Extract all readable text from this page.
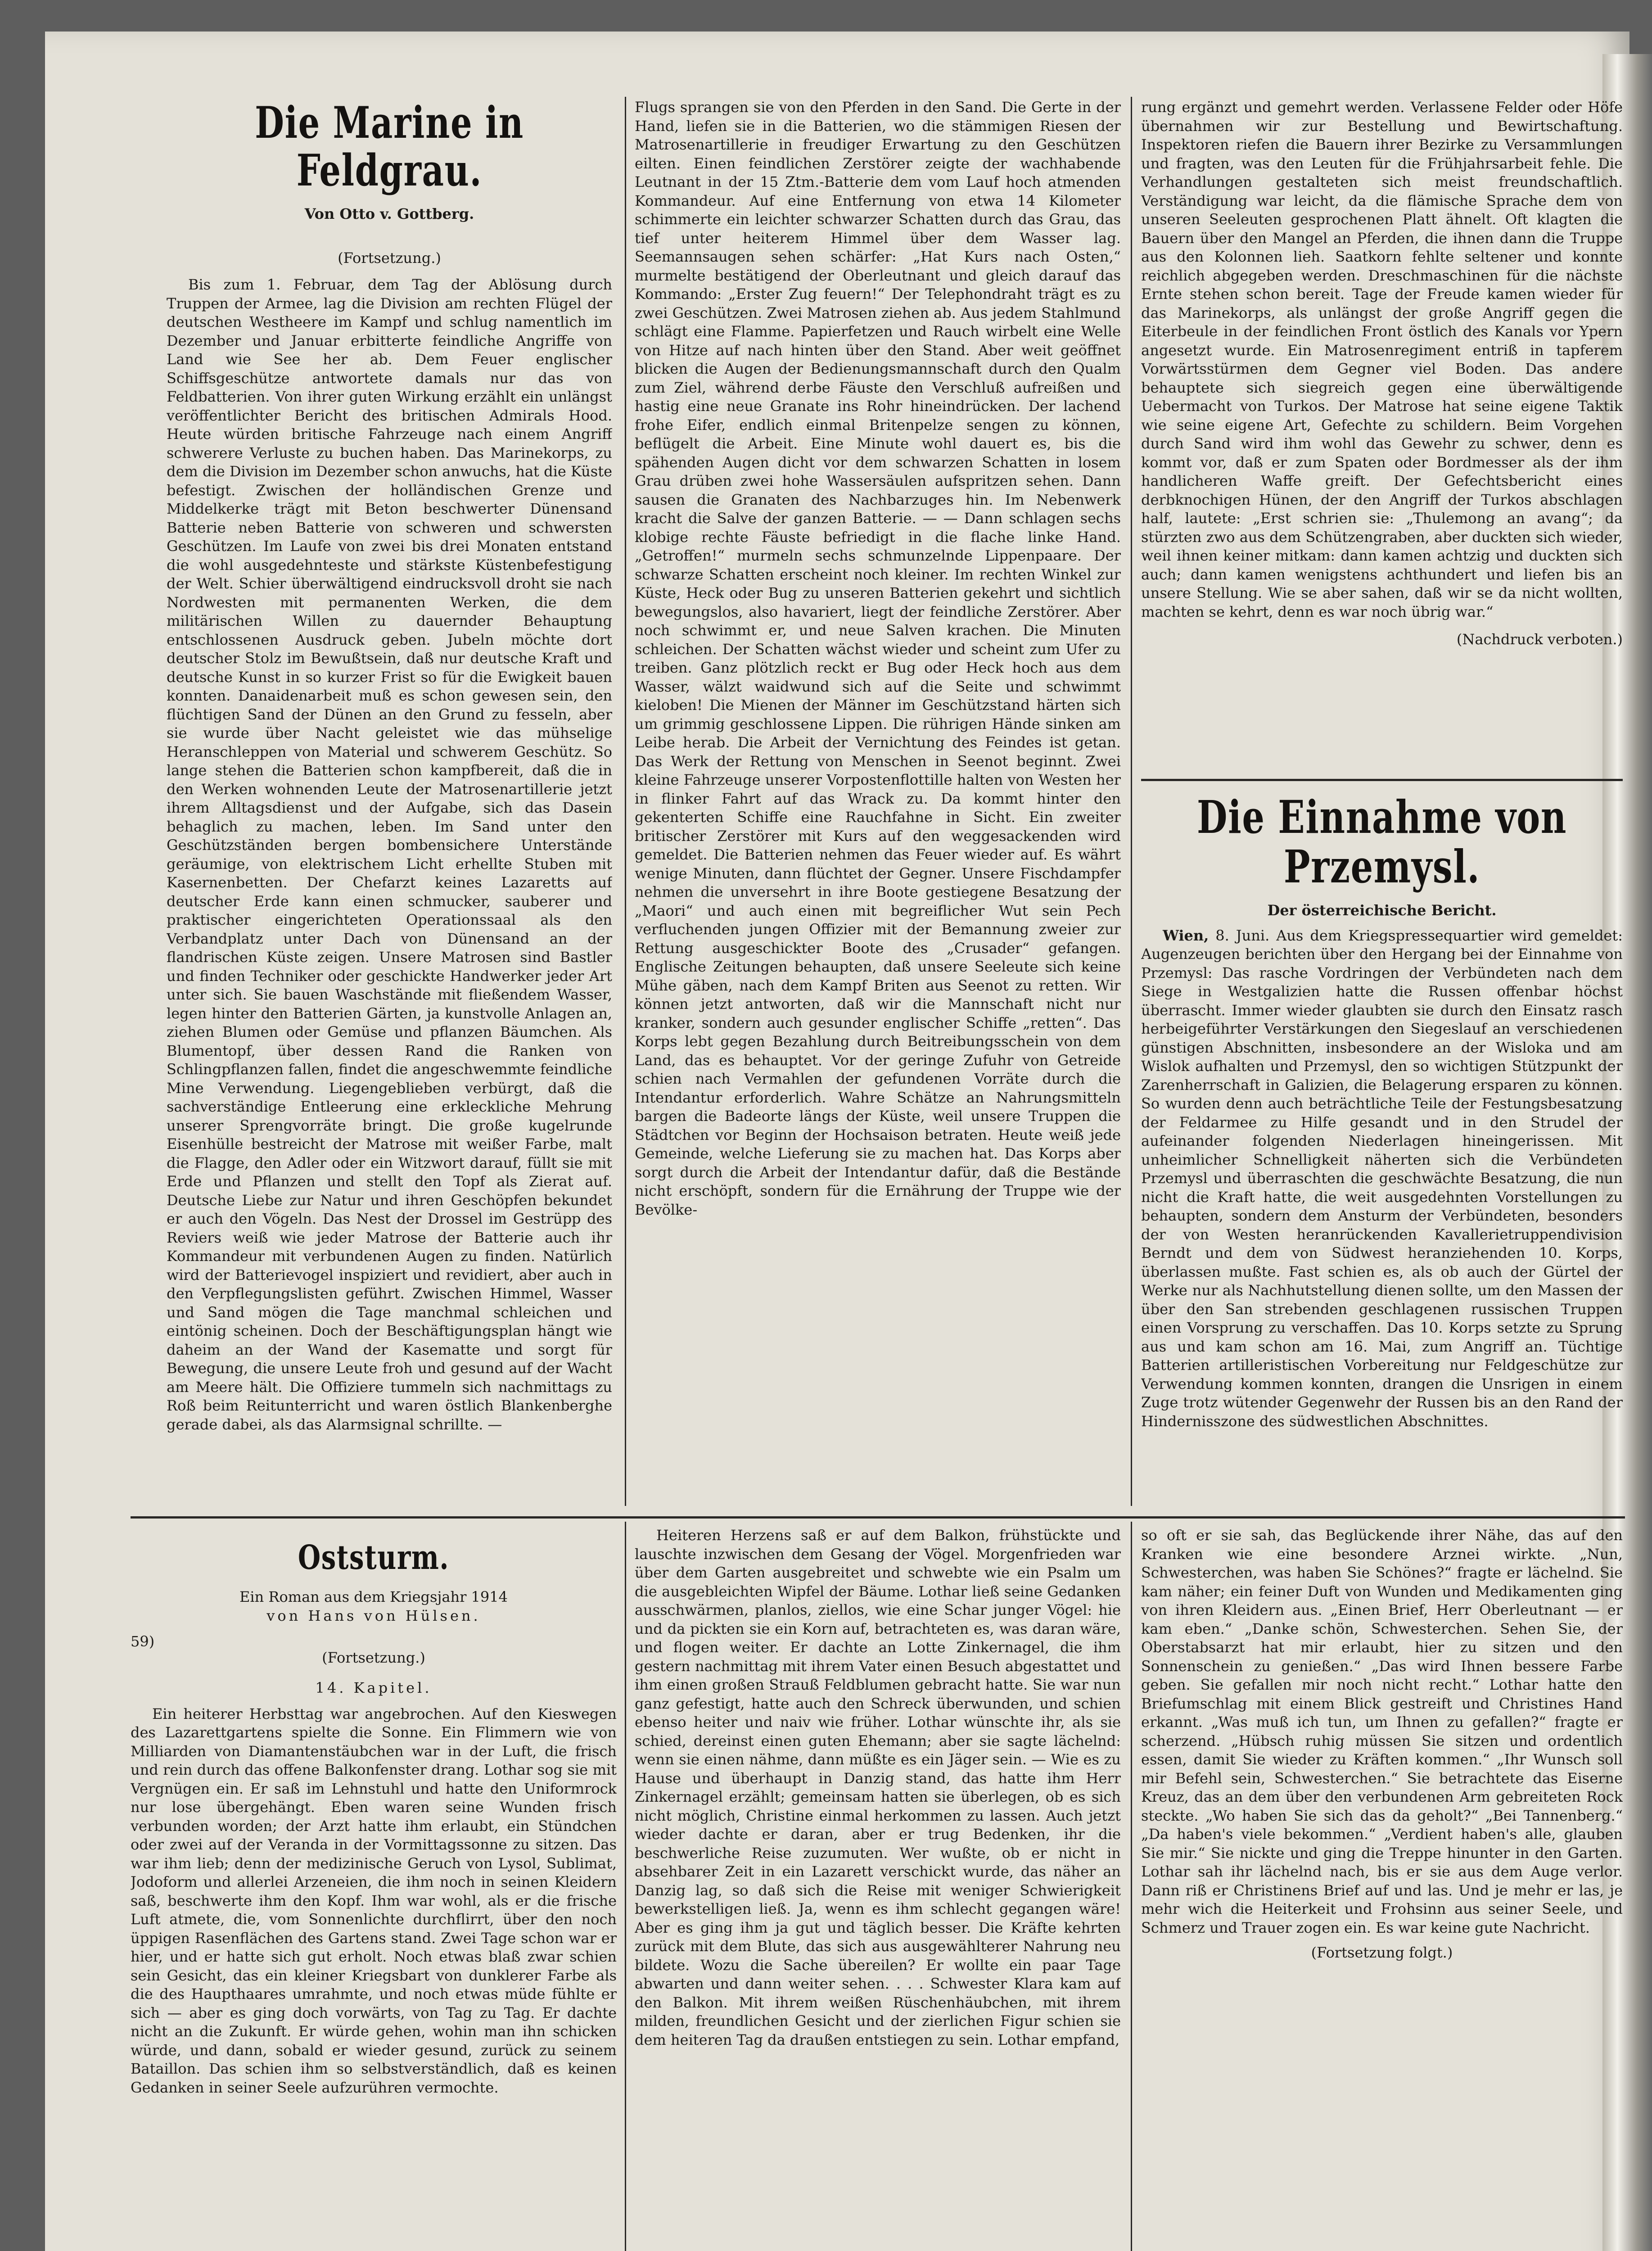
Die Marine in Feldgrau.

Von Otto v. Gottberg.

(Fortsetzung.)

Bis zum 1. Februar, dem Tag der Ablösung durch Truppen der Armee, lag die Division am rechten Flügel der deutschen Westheere im Kampf und schlug namentlich im Dezember und Januar erbitterte feindliche Angriffe von Land wie See her ab. Dem Feuer englischer Schiffsgeschütze antwortete damals nur das von Feldbatterien. Von ihrer guten Wirkung erzählt ein unlängst veröffentlichter Bericht des britischen Admirals Hood. Heute würden britische Fahrzeuge nach einem Angriff schwerere Verluste zu buchen haben. Das Marinekorps, zu dem die Division im Dezember schon anwuchs, hat die Küste befestigt. Zwischen der holländischen Grenze und Middelkerke trägt mit Beton beschwerter Dünensand Batterie neben Batterie von schweren und schwersten Geschützen. Im Laufe von zwei bis drei Monaten entstand die wohl ausgedehnteste und stärkste Küstenbefestigung der Welt. Schier überwältigend eindrucksvoll droht sie nach Nordwesten mit permanenten Werken, die dem militärischen Willen zu dauernder Behauptung entschlossenen Ausdruck geben. Jubeln möchte dort deutscher Stolz im Bewußtsein, daß nur deutsche Kraft und deutsche Kunst in so kurzer Frist so für die Ewigkeit bauen konnten. Danaidenarbeit muß es schon gewesen sein, den flüchtigen Sand der Dünen an den Grund zu fesseln, aber sie wurde über Nacht geleistet wie das mühselige Heranschleppen von Material und schwerem Geschütz. So lange stehen die Batterien schon kampfbereit, daß die in den Werken wohnenden Leute der Matrosenartillerie jetzt ihrem Alltagsdienst und der Aufgabe, sich das Dasein behaglich zu machen, leben. Im Sand unter den Geschützständen bergen bombensichere Unterstände geräumige, von elektrischem Licht erhellte Stuben mit Kasernenbetten. Der Chefarzt keines Lazaretts auf deutscher Erde kann einen schmucker, sauberer und praktischer eingerichteten Operationssaal als den Verbandplatz unter Dach von Dünensand an der flandrischen Küste zeigen. Unsere Matrosen sind Bastler und finden Techniker oder geschickte Handwerker jeder Art unter sich. Sie bauen Waschstände mit fließendem Wasser, legen hinter den Batterien Gärten, ja kunstvolle Anlagen an, ziehen Blumen oder Gemüse und pflanzen Bäumchen. Als Blumentopf, über dessen Rand die Ranken von Schlingpflanzen fallen, findet die angeschwemmte feindliche Mine Verwendung. Liegengeblieben verbürgt, daß die sachverständige Entleerung eine erkleckliche Mehrung unserer Sprengvorräte bringt. Die große kugelrunde Eisenhülle bestreicht der Matrose mit weißer Farbe, malt die Flagge, den Adler oder ein Witzwort darauf, füllt sie mit Erde und Pflanzen und stellt den Topf als Zierat auf. Deutsche Liebe zur Natur und ihren Geschöpfen bekundet er auch den Vögeln. Das Nest der Drossel im Gestrüpp des Reviers weiß wie jeder Matrose der Batterie auch ihr Kommandeur mit verbundenen Augen zu finden. Natürlich wird der Batterievogel inspiziert und revidiert, aber auch in den Verpflegungslisten geführt. Zwischen Himmel, Wasser und Sand mögen die Tage manchmal schleichen und eintönig scheinen. Doch der Beschäftigungsplan hängt wie daheim an der Wand der Kasematte und sorgt für Bewegung, die unsere Leute froh und gesund auf der Wacht am Meere hält. Die Offiziere tummeln sich nachmittags zu Roß beim Reitunterricht und waren östlich Blankenberghe gerade dabei, als das Alarmsignal schrillte. —

Flugs sprangen sie von den Pferden in den Sand. Die Gerte in der Hand, liefen sie in die Batterien, wo die stämmigen Riesen der Matrosenartillerie in freudiger Erwartung zu den Geschützen eilten. Einen feindlichen Zerstörer zeigte der wachhabende Leutnant in der 15 Ztm.-Batterie dem vom Lauf hoch atmenden Kommandeur. Auf eine Entfernung von etwa 14 Kilometer schimmerte ein leichter schwarzer Schatten durch das Grau, das tief unter heiterem Himmel über dem Wasser lag. Seemannsaugen sehen schärfer: „Hat Kurs nach Osten,“ murmelte bestätigend der Oberleutnant und gleich darauf das Kommando: „Erster Zug feuern!“ Der Telephondraht trägt es zu zwei Geschützen. Zwei Matrosen ziehen ab. Aus jedem Stahlmund schlägt eine Flamme. Papierfetzen und Rauch wirbelt eine Welle von Hitze auf nach hinten über den Stand. Aber weit geöffnet blicken die Augen der Bedienungsmannschaft durch den Qualm zum Ziel, während derbe Fäuste den Verschluß aufreißen und hastig eine neue Granate ins Rohr hineindrücken. Der lachend frohe Eifer, endlich einmal Britenpelze sengen zu können, beflügelt die Arbeit. Eine Minute wohl dauert es, bis die spähenden Augen dicht vor dem schwarzen Schatten in losem Grau drüben zwei hohe Wassersäulen aufspritzen sehen. Dann sausen die Granaten des Nachbarzuges hin. Im Nebenwerk kracht die Salve der ganzen Batterie. — — Dann schlagen sechs klobige rechte Fäuste befriedigt in die flache linke Hand. „Getroffen!“ murmeln sechs schmunzelnde Lippenpaare. Der schwarze Schatten erscheint noch kleiner. Im rechten Winkel zur Küste, Heck oder Bug zu unseren Batterien gekehrt und sichtlich bewegungslos, also havariert, liegt der feindliche Zerstörer. Aber noch schwimmt er, und neue Salven krachen. Die Minuten schleichen. Der Schatten wächst wieder und scheint zum Ufer zu treiben. Ganz plötzlich reckt er Bug oder Heck hoch aus dem Wasser, wälzt waidwund sich auf die Seite und schwimmt kieloben! Die Mienen der Männer im Geschützstand härten sich um grimmig geschlossene Lippen. Die rührigen Hände sinken am Leibe herab. Die Arbeit der Vernichtung des Feindes ist getan. Das Werk der Rettung von Menschen in Seenot beginnt. Zwei kleine Fahrzeuge unserer Vorpostenflottille halten von Westen her in flinker Fahrt auf das Wrack zu. Da kommt hinter den gekenterten Schiffe eine Rauchfahne in Sicht. Ein zweiter britischer Zerstörer mit Kurs auf den weggesackenden wird gemeldet. Die Batterien nehmen das Feuer wieder auf. Es währt wenige Minuten, dann flüchtet der Gegner. Unsere Fischdampfer nehmen die unversehrt in ihre Boote gestiegene Besatzung der „Maori“ und auch einen mit begreiflicher Wut sein Pech verfluchenden jungen Offizier mit der Bemannung zweier zur Rettung ausgeschickter Boote des „Crusader“ gefangen. Englische Zeitungen behaupten, daß unsere Seeleute sich keine Mühe gäben, nach dem Kampf Briten aus Seenot zu retten. Wir können jetzt antworten, daß wir die Mannschaft nicht nur kranker, sondern auch gesunder englischer Schiffe „retten“. Das Korps lebt gegen Bezahlung durch Beitreibungsschein von dem Land, das es behauptet. Vor der geringe Zufuhr von Getreide schien nach Vermahlen der gefundenen Vorräte durch die Intendantur erforderlich. Wahre Schätze an Nahrungsmitteln bargen die Badeorte längs der Küste, weil unsere Truppen die Städtchen vor Beginn der Hochsaison betraten. Heute weiß jede Gemeinde, welche Lieferung sie zu machen hat. Das Korps aber sorgt durch die Arbeit der Intendantur dafür, daß die Bestände nicht erschöpft, sondern für die Ernährung der Truppe wie der Bevölke-

rung ergänzt und gemehrt werden. Verlassene Felder oder Höfe übernahmen wir zur Bestellung und Bewirtschaftung. Inspektoren riefen die Bauern ihrer Bezirke zu Versammlungen und fragten, was den Leuten für die Frühjahrsarbeit fehle. Die Verhandlungen gestalteten sich meist freundschaftlich. Verständigung war leicht, da die flämische Sprache dem von unseren Seeleuten gesprochenen Platt ähnelt. Oft klagten die Bauern über den Mangel an Pferden, die ihnen dann die Truppe aus den Kolonnen lieh. Saatkorn fehlte seltener und konnte reichlich abgegeben werden. Dreschmaschinen für die nächste Ernte stehen schon bereit. Tage der Freude kamen wieder für das Marinekorps, als unlängst der große Angriff gegen die Eiterbeule in der feindlichen Front östlich des Kanals vor Ypern angesetzt wurde. Ein Matrosenregiment entriß in tapferem Vorwärtsstürmen dem Gegner viel Boden. Das andere behauptete sich siegreich gegen eine überwältigende Uebermacht von Turkos. Der Matrose hat seine eigene Taktik wie seine eigene Art, Gefechte zu schildern. Beim Vorgehen durch Sand wird ihm wohl das Gewehr zu schwer, denn es kommt vor, daß er zum Spaten oder Bordmesser als der ihm handlicheren Waffe greift. Der Gefechtsbericht eines derbknochigen Hünen, der den Angriff der Turkos abschlagen half, lautete: „Erst schrien sie: „Thulemong an avang“; da stürzten zwo aus dem Schützengraben, aber duckten sich wieder, weil ihnen keiner mitkam: dann kamen achtzig und duckten sich auch; dann kamen wenigstens achthundert und liefen bis an unsere Stellung. Wie se aber sahen, daß wir se da nicht wollten, machten se kehrt, denn es war noch übrig war.“

(Nachdruck verboten.)

Die Einnahme von Przemysl.

Der österreichische Bericht.

Wien, 8. Juni. Aus dem Kriegspressequartier wird gemeldet: Augenzeugen berichten über den Hergang bei der Einnahme von Przemysl: Das rasche Vordringen der Verbündeten nach dem Siege in Westgalizien hatte die Russen offenbar höchst überrascht. Immer wieder glaubten sie durch den Einsatz rasch herbeigeführter Verstärkungen den Siegeslauf an verschiedenen günstigen Abschnitten, insbesondere an der Wisloka und am Wislok aufhalten und Przemysl, den so wichtigen Stützpunkt der Zarenherrschaft in Galizien, die Belagerung ersparen zu können. So wurden denn auch beträchtliche Teile der Festungsbesatzung der Feldarmee zu Hilfe gesandt und in den Strudel der aufeinander folgenden Niederlagen hineingerissen. Mit unheimlicher Schnelligkeit näherten sich die Verbündeten Przemysl und überraschten die geschwächte Besatzung, die nun nicht die Kraft hatte, die weit ausgedehnten Vorstellungen zu behaupten, sondern dem Ansturm der Verbündeten, besonders der von Westen heranrückenden Kavallerietruppendivision Berndt und dem von Südwest heranziehenden 10. Korps, überlassen mußte. Fast schien es, als ob auch der Gürtel der Werke nur als Nachhutstellung dienen sollte, um den Massen der über den San strebenden geschlagenen russischen Truppen einen Vorsprung zu verschaffen. Das 10. Korps setzte zu Sprung aus und kam schon am 16. Mai, zum Angriff an. Tüchtige Batterien artilleristischen Vorbereitung nur Feldgeschütze zur Verwendung kommen konnten, drangen die Unsrigen in einem Zuge trotz wütender Gegenwehr der Russen bis an den Rand der Hindernisszone des südwestlichen Abschnittes.

Oststurm.

Ein Roman aus dem Kriegsjahr 1914

von Hans von Hülsen.

59)

(Fortsetzung.)

14. Kapitel.

Ein heiterer Herbsttag war angebrochen. Auf den Kieswegen des Lazarettgartens spielte die Sonne. Ein Flimmern wie von Milliarden von Diamantenstäubchen war in der Luft, die frisch und rein durch das offene Balkonfenster drang. Lothar sog sie mit Vergnügen ein. Er saß im Lehnstuhl und hatte den Uniformrock nur lose übergehängt. Eben waren seine Wunden frisch verbunden worden; der Arzt hatte ihm erlaubt, ein Stündchen oder zwei auf der Veranda in der Vormittagssonne zu sitzen. Das war ihm lieb; denn der medizinische Geruch von Lysol, Sublimat, Jodoform und allerlei Arzeneien, die ihm noch in seinen Kleidern saß, beschwerte ihm den Kopf. Ihm war wohl, als er die frische Luft atmete, die, vom Sonnenlichte durchflirrt, über den noch üppigen Rasenflächen des Gartens stand. Zwei Tage schon war er hier, und er hatte sich gut erholt. Noch etwas blaß zwar schien sein Gesicht, das ein kleiner Kriegsbart von dunklerer Farbe als die des Haupthaares umrahmte, und noch etwas müde fühlte er sich — aber es ging doch vorwärts, von Tag zu Tag. Er dachte nicht an die Zukunft. Er würde gehen, wohin man ihn schicken würde, und dann, sobald er wieder gesund, zurück zu seinem Bataillon. Das schien ihm so selbstverständlich, daß es keinen Gedanken in seiner Seele aufzurühren vermochte.

Heiteren Herzens saß er auf dem Balkon, frühstückte und lauschte inzwischen dem Gesang der Vögel. Morgenfrieden war über dem Garten ausgebreitet und schwebte wie ein Psalm um die ausgebleichten Wipfel der Bäume. Lothar ließ seine Gedanken ausschwärmen, planlos, ziellos, wie eine Schar junger Vögel: hie und da pickten sie ein Korn auf, betrachteten es, was daran wäre, und flogen weiter. Er dachte an Lotte Zinkernagel, die ihm gestern nachmittag mit ihrem Vater einen Besuch abgestattet und ihm einen großen Strauß Feldblumen gebracht hatte. Sie war nun ganz gefestigt, hatte auch den Schreck überwunden, und schien ebenso heiter und naiv wie früher. Lothar wünschte ihr, als sie schied, dereinst einen guten Ehemann; aber sie sagte lächelnd: wenn sie einen nähme, dann müßte es ein Jäger sein. — Wie es zu Hause und überhaupt in Danzig stand, das hatte ihm Herr Zinkernagel erzählt; gemeinsam hatten sie überlegen, ob es sich nicht möglich, Christine einmal herkommen zu lassen. Auch jetzt wieder dachte er daran, aber er trug Bedenken, ihr die beschwerliche Reise zuzumuten. Wer wußte, ob er nicht in absehbarer Zeit in ein Lazarett verschickt wurde, das näher an Danzig lag, so daß sich die Reise mit weniger Schwierigkeit bewerkstelligen ließ. Ja, wenn es ihm schlecht gegangen wäre! Aber es ging ihm ja gut und täglich besser. Die Kräfte kehrten zurück mit dem Blute, das sich aus ausgewählterer Nahrung neu bildete. Wozu die Sache übereilen? Er wollte ein paar Tage abwarten und dann weiter sehen. . . . Schwester Klara kam auf den Balkon. Mit ihrem weißen Rüschenhäubchen, mit ihrem milden, freundlichen Gesicht und der zierlichen Figur schien sie dem heiteren Tag da draußen entstiegen zu sein. Lothar empfand,

so oft er sie sah, das Beglückende ihrer Nähe, das auf den Kranken wie eine besondere Arznei wirkte. „Nun, Schwesterchen, was haben Sie Schönes?“ fragte er lächelnd. Sie kam näher; ein feiner Duft von Wunden und Medikamenten ging von ihren Kleidern aus. „Einen Brief, Herr Oberleutnant — er kam eben.“ „Danke schön, Schwesterchen. Sehen Sie, der Oberstabsarzt hat mir erlaubt, hier zu sitzen und den Sonnenschein zu genießen.“ „Das wird Ihnen bessere Farbe geben. Sie gefallen mir noch nicht recht.“ Lothar hatte den Briefumschlag mit einem Blick gestreift und Christines Hand erkannt. „Was muß ich tun, um Ihnen zu gefallen?“ fragte er scherzend. „Hübsch ruhig müssen Sie sitzen und ordentlich essen, damit Sie wieder zu Kräften kommen.“ „Ihr Wunsch soll mir Befehl sein, Schwesterchen.“ Sie betrachtete das Eiserne Kreuz, das an dem über den verbundenen Arm gebreiteten Rock steckte. „Wo haben Sie sich das da geholt?“ „Bei Tannenberg.“ „Da haben's viele bekommen.“ „Verdient haben's alle, glauben Sie mir.“ Sie nickte und ging die Treppe hinunter in den Garten. Lothar sah ihr lächelnd nach, bis er sie aus dem Auge verlor. Dann riß er Christinens Brief auf und las. Und je mehr er las, je mehr wich die Heiterkeit und Frohsinn aus seiner Seele, und Schmerz und Trauer zogen ein. Es war keine gute Nachricht.

(Fortsetzung folgt.)
